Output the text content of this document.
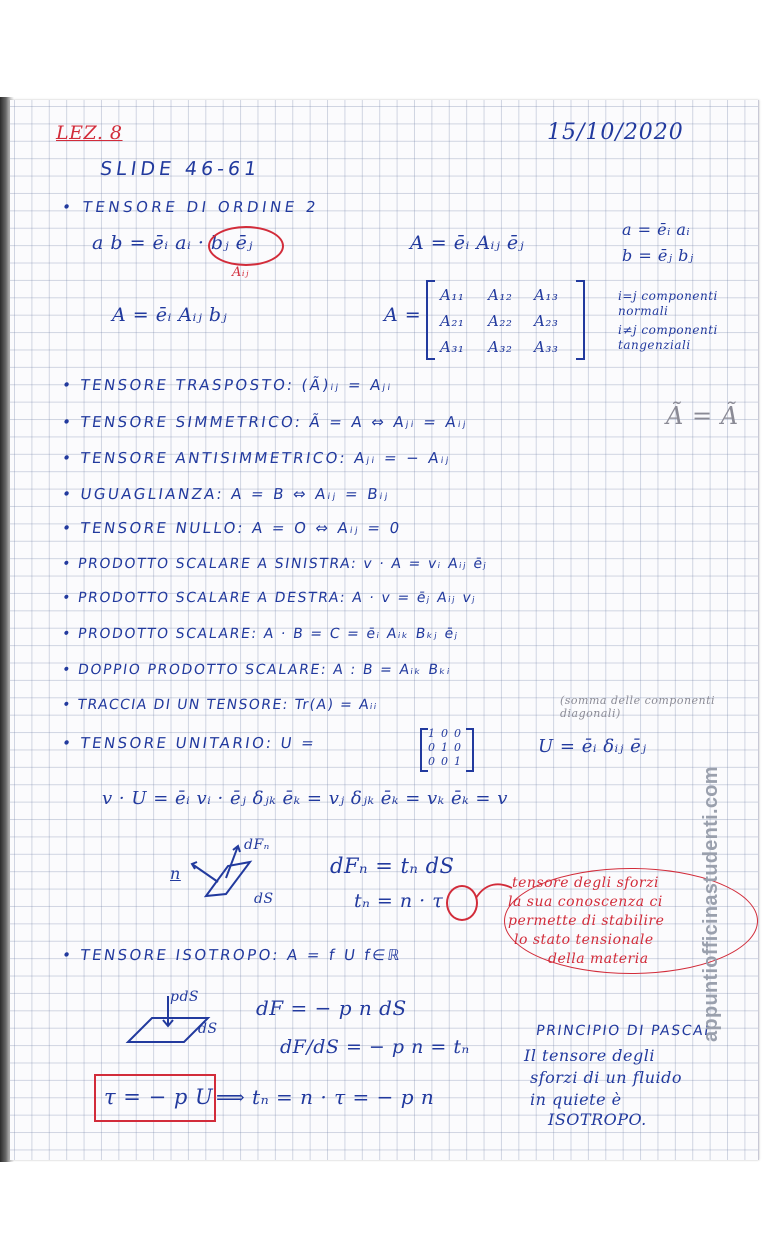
LEZ. 8	15/10/2020
SLIDE 46-61
• TENSORE DI ORDINE 2
a b = ēᵢ aᵢ · bⱼ ēⱼ
Aᵢⱼ
A = ēᵢ Aᵢⱼ ēⱼ
a = ēᵢ aᵢ
b = ēⱼ bⱼ
A = ēᵢ Aᵢⱼ bⱼ	A =
A₁₁ A₁₂ A₁₃
A₂₁ A₂₂ A₂₃
A₃₁ A₃₂ A₃₃
i=j componenti normali
i≠j componenti tangenziali
• TENSORE TRASPOSTO: (Ã)ᵢⱼ = Aⱼᵢ
Ã = Ã
• TENSORE SIMMETRICO: Ã = A ⇔ Aⱼᵢ = Aᵢⱼ
• TENSORE ANTISIMMETRICO: Aⱼᵢ = − Aᵢⱼ
• UGUAGLIANZA: A = B ⇔ Aᵢⱼ = Bᵢⱼ
• TENSORE NULLO: A = O ⇔ Aᵢⱼ = 0
• PRODOTTO SCALARE A SINISTRA: v · A = vᵢ Aᵢⱼ ēⱼ
• PRODOTTO SCALARE A DESTRA: A · v = ēⱼ Aᵢⱼ vⱼ
• PRODOTTO SCALARE: A · B = C = ēᵢ Aᵢₖ Bₖⱼ ēⱼ
• DOPPIO PRODOTTO SCALARE: A : B = Aᵢₖ Bₖᵢ
• TRACCIA DI UN TENSORE: Tr(A) = Aᵢᵢ	(somma delle componenti diagonali)
• TENSORE UNITARIO: U =
1 0 0
0 1 0
0 0 1
U = ēᵢ δᵢⱼ ēⱼ
v · U = ēᵢ vᵢ · ēⱼ δⱼₖ ēₖ = vⱼ δⱼₖ ēₖ = vₖ ēₖ = v
n
dFₙ
dS
dFₙ = tₙ dS
tₙ = n · τ
tensore degli sforzi
la sua conoscenza ci
permette di stabilire
lo stato tensionale
della materia
• TENSORE ISOTROPO: A = f U f∈ℝ
pdS
dS
dF = − p n dS
dF/dS = − p n = tₙ
τ = − p U ⟹ tₙ = n · τ = − p n
PRINCIPIO DI PASCAL
Il tensore degli
sforzi di un fluido
in quiete è
ISOTROPO.
appuntiofficinastudenti.com
